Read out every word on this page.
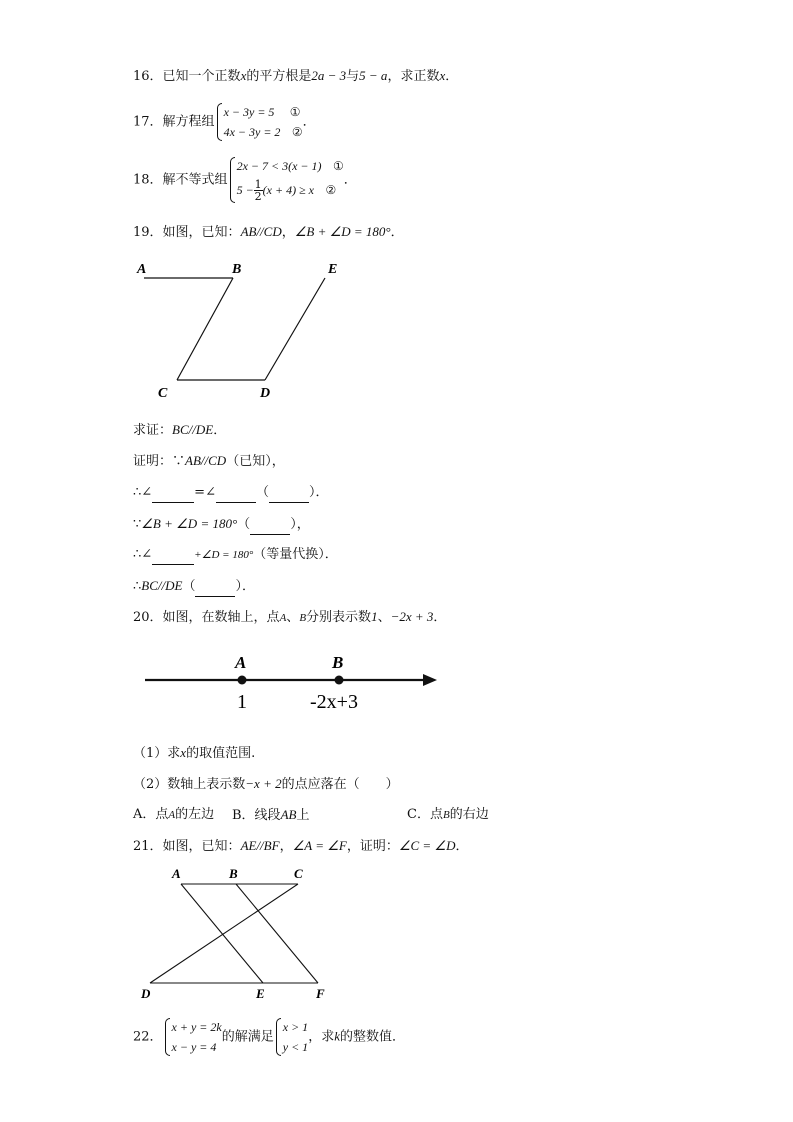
16．已知一个正数x的平方根是2a − 3与5 − a，求正数x．
17．解方程组
x − 3y = 5 ①
4x − 3y = 2 ②
．
18．解不等式组
2x − 7 < 3(x − 1) ①
$5 - \frac{1}{2} (x + 4) \ge x$ ②
．
19．如图，已知：AB//CD，∠B + ∠D = 180°．
A	B	E
C	D
求证：BC//DE．
证明：∵AB//CD（已知），
∴∠	=∠	（	）．
∵∠B + ∠D = 180°（	），
∴∠	+∠D = 180°（等量代换）．
∴BC//DE（	）．
20．如图，在数轴上，点A、B分别表示数1、−2x + 3．
A	B
1	-2x+3
（1）求x的取值范围.
（2）数轴上表示数−x + 2的点应落在（　　）
A．点A的左边 B．线段AB上	C．点B的右边
21．如图，已知：AE//BF，∠A = ∠F，证明：∠C = ∠D．
A	B	C
D	E	F
22．
x + y = 2k
x − y = 4
的解满足
x > 1
y < 1
，求k的整数值．
